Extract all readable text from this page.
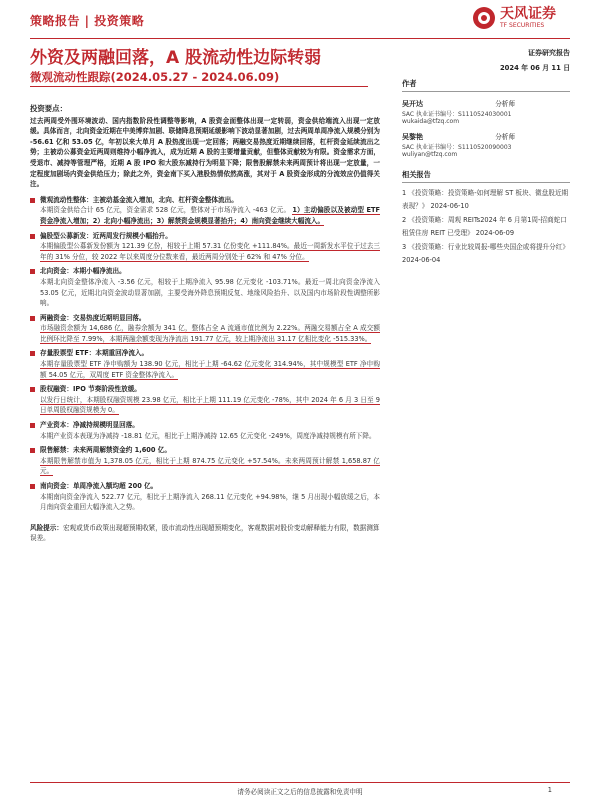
策略报告 | 投资策略	天风证券
TF SECURITIES
外资及两融回落，A 股流动性边际转弱
微观流动性跟踪(2024.05.27 - 2024.06.09)
证券研究报告
2024 年 06 月 11 日
作者
吴开达	分析师
SAC 执业证书编号：S1110524030001
wukaida@tfzq.com
吴黎艳	分析师
SAC 执业证书编号：S1110520090003
wuliyan@tfzq.com
相关报告
1 《投资策略：投资策略-如何理解 ST 板块、微盘股近期表现？》 2024-06-10
2 《投资策略：周观 REITs2024 年 6 月第1周-招商蛇口租赁住房 REIT 已受理》 2024-06-09
3 《投资策略：行业比较周报-哪些央国企或将提升分红》 2024-06-04
投资要点：
过去两周受外围环境波动、国内指数阶段性调整等影响，A 股资金面整体出现一定转弱，资金供给端流入出现一定放缓。具体而言，北向资金近期在中美博弈加剧、联储降息预期延缓影响下波动显著加剧，过去两周单周净流入规模分别为 -56.61 亿和 53.05 亿，年初以来大单月 A 股热度出现一定回落；两融交易热度近期继续回落，杠杆资金延续流出之势；主被动公募资金近两周则维持小幅净流入，成为近期 A 股的主要增量贡献，但整体贡献较为有限。资金需求方面，受退市、减持等管理严格，近期 A 股 IPO 和大股东减持行为明显下降；限售股解禁未来两周预计将出现一定放量，一定程度加剧场内资金供给压力；除此之外，资金南下买入港股热情依然高涨，其对于 A 股资金形成的分流效应仍值得关注。
微观流动性整体：主被动基金流入增加，北向、杠杆资金整体流出。
本期资金供给合计 65 亿元，资金需求 528 亿元，整体对于市场净流入 -463 亿元。 1）主动偏股以及被动型 ETF 资金净流入增加；2）北向小幅净流出；3）解禁资金规模显著抬升；4）南向资金继续大幅流入。
偏股型公募新发：近两周发行规模小幅抬升。
本期偏股型公募新发份额为 121.39 亿份，相较于上期 57.31 亿份变化 +111.84%。最近一周新发水平位于过去三年的 31% 分位，较 2022 年以来周度分位数来看，最近两周分别处于 62% 和 47% 分位。
北向资金：本期小幅净流出。
本期北向资金整体净流入 -3.56 亿元，相较于上期净流入 95.98 亿元变化 -103.71%。最近一周北向资金净流入 53.05 亿元，近期北向资金波动显著加剧，主要受海外降息预期反复、地缘风险抬升、以及国内市场阶段性调整所影响。
两融资金：交易热度近期明显回落。
市场融资余额为 14,686 亿，融券余额为 341 亿，整体占全 A 流通市值比例为 2.22%。两融交易额占全 A 成交额比例环比降至 7.99%，本期两融余额变现为净流出 191.77 亿元，较上期净流出 31.17 亿相比变化 -515.33%。
存量股票型 ETF：本期重回净流入。
本期存量股票型 ETF 净申购额为 138.90 亿元，相比于上期 -64.62 亿元变化 314.94%，其中规模型 ETF 净申购额 54.05 亿元，双周度 ETF 资金整体净流入。
股权融资：IPO 节奏阶段性放缓。
以发行日统计，本期股权融资规模 23.98 亿元，相比于上期 111.19 亿元变化 -78%，其中 2024 年 6 月 3 日至 9 日单周股权融资规模为 0。
产业资本：净减持规模明显回落。
本期产业资本表现为净减持 -18.81 亿元，相比于上期净减持 12.65 亿元变化 -249%，周度净减持规模有所下降。
限售解禁：未来两周解禁资金约 1,600 亿。
本期限售解禁市值为 1,378.05 亿元，相比于上期 874.75 亿元变化 +57.54%。未来两周预计解禁 1,658.87 亿元。
南向资金：单周净流入额均超 200 亿。
本期南向资金净流入 522.77 亿元，相比于上期净流入 268.11 亿元变化 +94.98%，继 5 月出现小幅放缓之后，本月南向资金重回大幅净流入之势。
风险提示：宏观或货币政策出现超预期收紧，股市流动性出现超预期变化，客观数据对股价变动解释能力有限，数据测算误差。
请务必阅读正文之后的信息披露和免责申明	1
